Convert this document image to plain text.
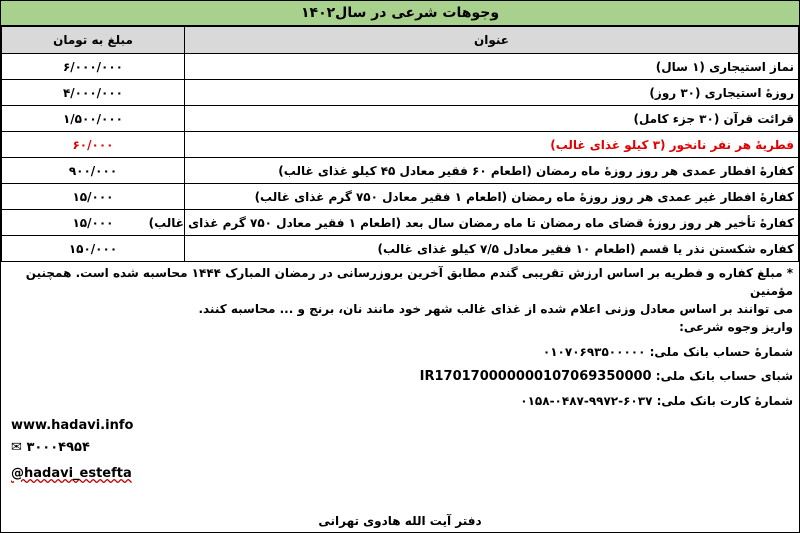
وجوهات شرعی در سال۱۴۰۲
عنوان	مبلغ به تومان
نماز استیجاری (۱ سال)	۶/۰۰۰/۰۰۰
روزهٔ استیجاری (۳۰ روز)	۴/۰۰۰/۰۰۰
قرائت قرآن (۳۰ جزء کامل)	۱/۵۰۰/۰۰۰
فطریهٔ هر نفر نانخور (۳ کیلو غذای غالب)	۶۰/۰۰۰
کفارهٔ افطار عمدی هر روز روزهٔ ماه رمضان (اطعام ۶۰ فقیر معادل ۴۵ کیلو غذای غالب)	۹۰۰/۰۰۰
کفارهٔ افطار غیر عمدی هر روز روزهٔ ماه رمضان (اطعام ۱ فقیر معادل ۷۵۰ گرم غذای غالب)	۱۵/۰۰۰
کفارهٔ تأخیر هر روز روزهٔ قضای ماه رمضان تا ماه رمضان سال بعد (اطعام ۱ فقیر معادل ۷۵۰ گرم غذای غالب)	۱۵/۰۰۰
کفاره شکستن نذر یا قسم (اطعام ۱۰ فقیر معادل ۷/۵ کیلو غذای غالب)	۱۵۰/۰۰۰

* مبلغ کفاره و فطریه بر اساس ارزش تقریبی گندم مطابق آخرین بروزرسانی در رمضان المبارک ۱۴۴۴ محاسبه شده است. همچنین مؤمنین

می توانند بر اساس معادل وزنی اعلام شده از غذای غالب شهر خود مانند نان، برنج و ... محاسبه کنند.

واریز وجوه شرعی:

شمارهٔ حساب بانک ملی: ۰۱۰۷۰۶۹۳۵۰۰۰۰۰
شبای حساب بانک ملی: IR170170000000107069350000
شمارهٔ کارت بانک ملی: ۶۰۳۷-۹۹۷۲-۰۴۸۷-۰۱۵۸
www.hadavi.info
✉ ۳۰۰۰۴۹۵۴
@hadavi_estefta
دفتر آیت الله هادوی تهرانی
